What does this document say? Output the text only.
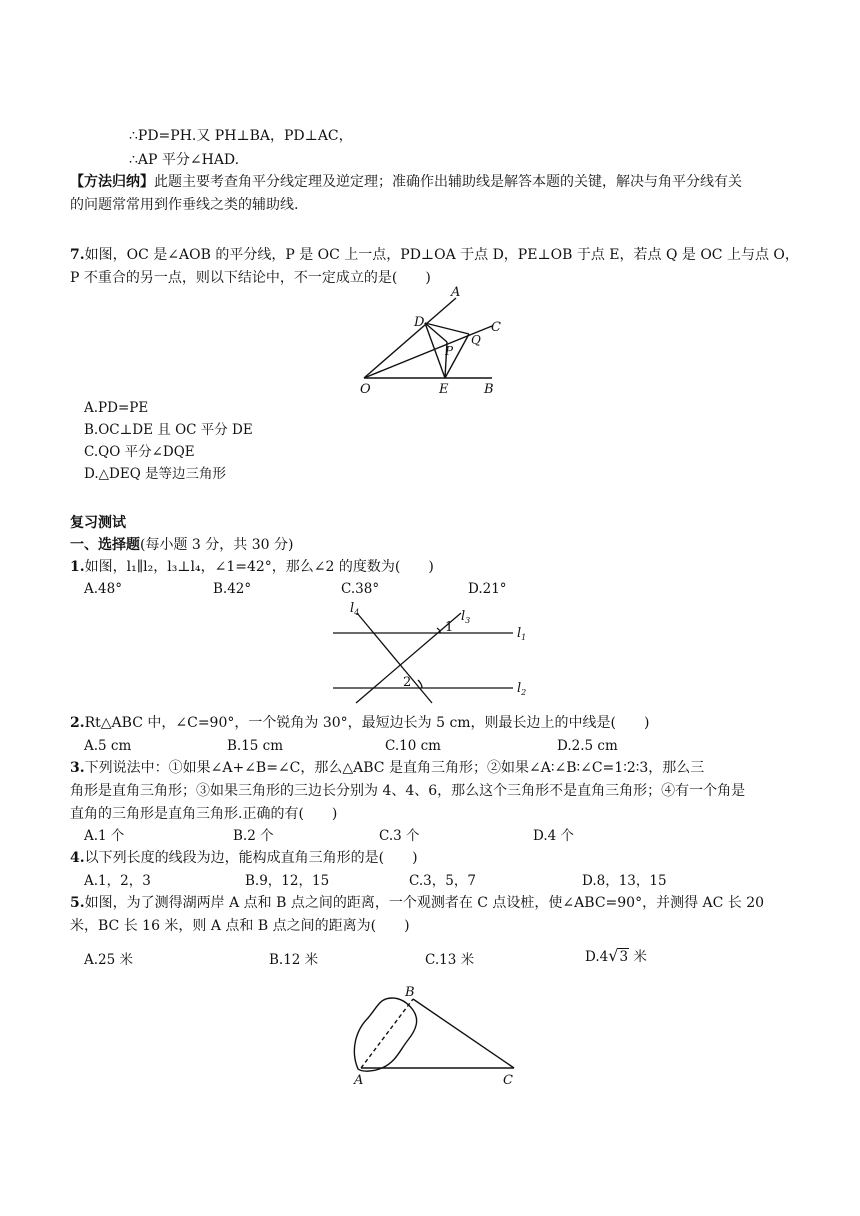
∴PD=PH.又 PH⊥BA，PD⊥AC，
∴AP 平分∠HAD.
【方法归纳】此题主要考查角平分线定理及逆定理；准确作出辅助线是解答本题的关键，解决与角平分线有关
的问题常常用到作垂线之类的辅助线.
7.如图，OC 是∠AOB 的平分线，P 是 OC 上一点，PD⊥OA 于点 D，PE⊥OB 于点 E，若点 Q 是 OC 上与点 O，
P 不重合的另一点，则以下结论中，不一定成立的是(　　)
A
C
D
P
Q
O	E	B
A.PD=PE
B.OC⊥DE 且 OC 平分 DE
C.QO 平分∠DQE
D.△DEQ 是等边三角形
复习测试
一、选择题(每小题 3 分，共 30 分)
1.如图，l₁∥l₂，l₃⊥l₄，∠1=42°，那么∠2 的度数为(　　)
A.48°	B.42°	C.38°	D.21°
$l_4$	$l_3$
$l_1$
$l_2$
1
2
2.Rt△ABC 中，∠C=90°，一个锐角为 30°，最短边长为 5 cm，则最长边上的中线是(　　)
A.5 cm	B.15 cm	C.10 cm	D.2.5 cm
3.下列说法中：①如果∠A+∠B=∠C，那么△ABC 是直角三角形；②如果∠A∶∠B∶∠C=1∶2∶3，那么三
角形是直角三角形；③如果三角形的三边长分别为 4、4、6，那么这个三角形不是直角三角形；④有一个角是
直角的三角形是直角三角形.正确的有(　　)
A.1 个	B.2 个	C.3 个	D.4 个
4.以下列长度的线段为边，能构成直角三角形的是(　　)
A.1，2，3	B.9，12，15	C.3，5，7	D.8，13，15
5.如图，为了测得湖两岸 A 点和 B 点之间的距离，一个观测者在 C 点设桩，使∠ABC=90°，并测得 AC 长 20
米，BC 长 16 米，则 A 点和 B 点之间的距离为(　　)
A.25 米	B.12 米	C.13 米	D.4√3 米
B
A	C
